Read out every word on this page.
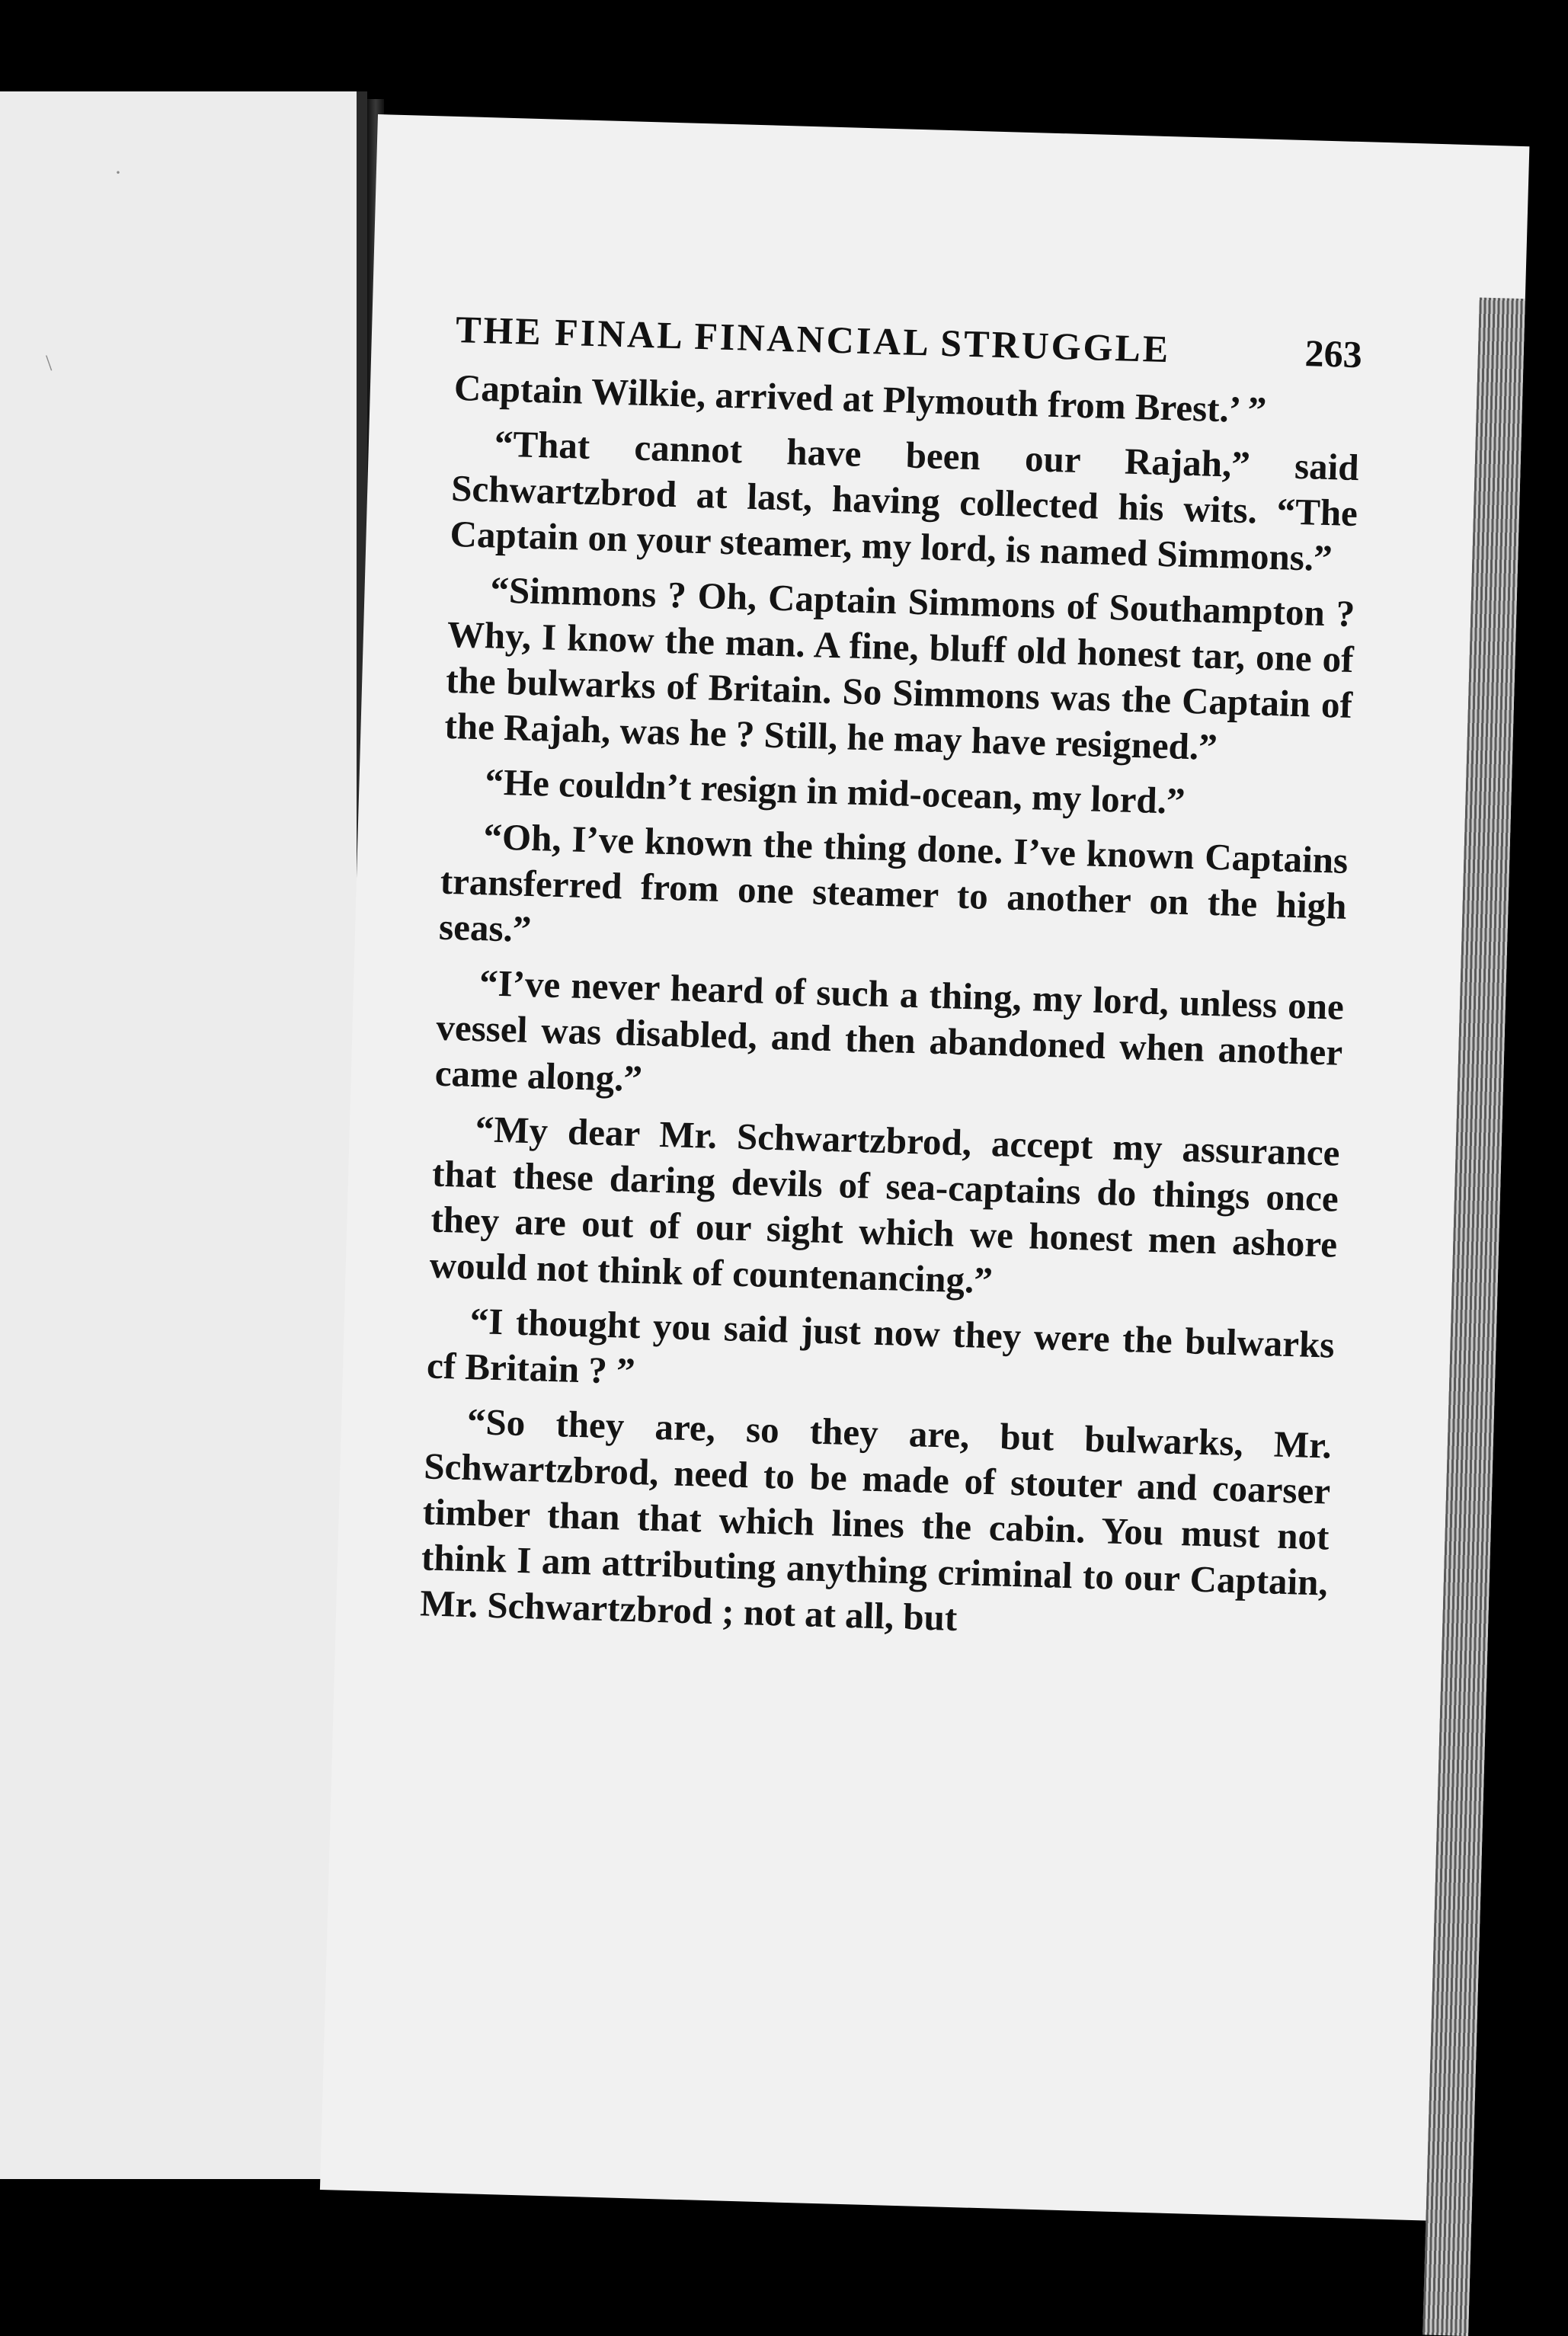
·
\	THE FINAL FINANCIAL STRUGGLE	263

Captain Wilkie, arrived at Plymouth from Brest.’ ”

“That cannot have been our Rajah,” said Schwartzbrod at last, having collected his wits. “The Captain on your steamer, my lord, is named Simmons.”

“Simmons ? Oh, Captain Simmons of Southampton ? Why, I know the man. A fine, bluff old honest tar, one of the bulwarks of Britain. So Simmons was the Captain of the Rajah, was he ? Still, he may have resigned.”

“He couldn’t resign in mid-ocean, my lord.”

“Oh, I’ve known the thing done. I’ve known Captains transferred from one steamer to another on the high seas.”

“I’ve never heard of such a thing, my lord, unless one vessel was disabled, and then abandoned when another came along.”

“My dear Mr. Schwartzbrod, accept my assurance that these daring devils of sea-captains do things once they are out of our sight which we honest men ashore would not think of countenancing.”

“I thought you said just now they were the bulwarks cf Britain ? ”

“So they are, so they are, but bulwarks, Mr. Schwartzbrod, need to be made of stouter and coarser timber than that which lines the cabin. You must not think I am attributing anything criminal to our Captain, Mr. Schwartzbrod ; not at all, but
